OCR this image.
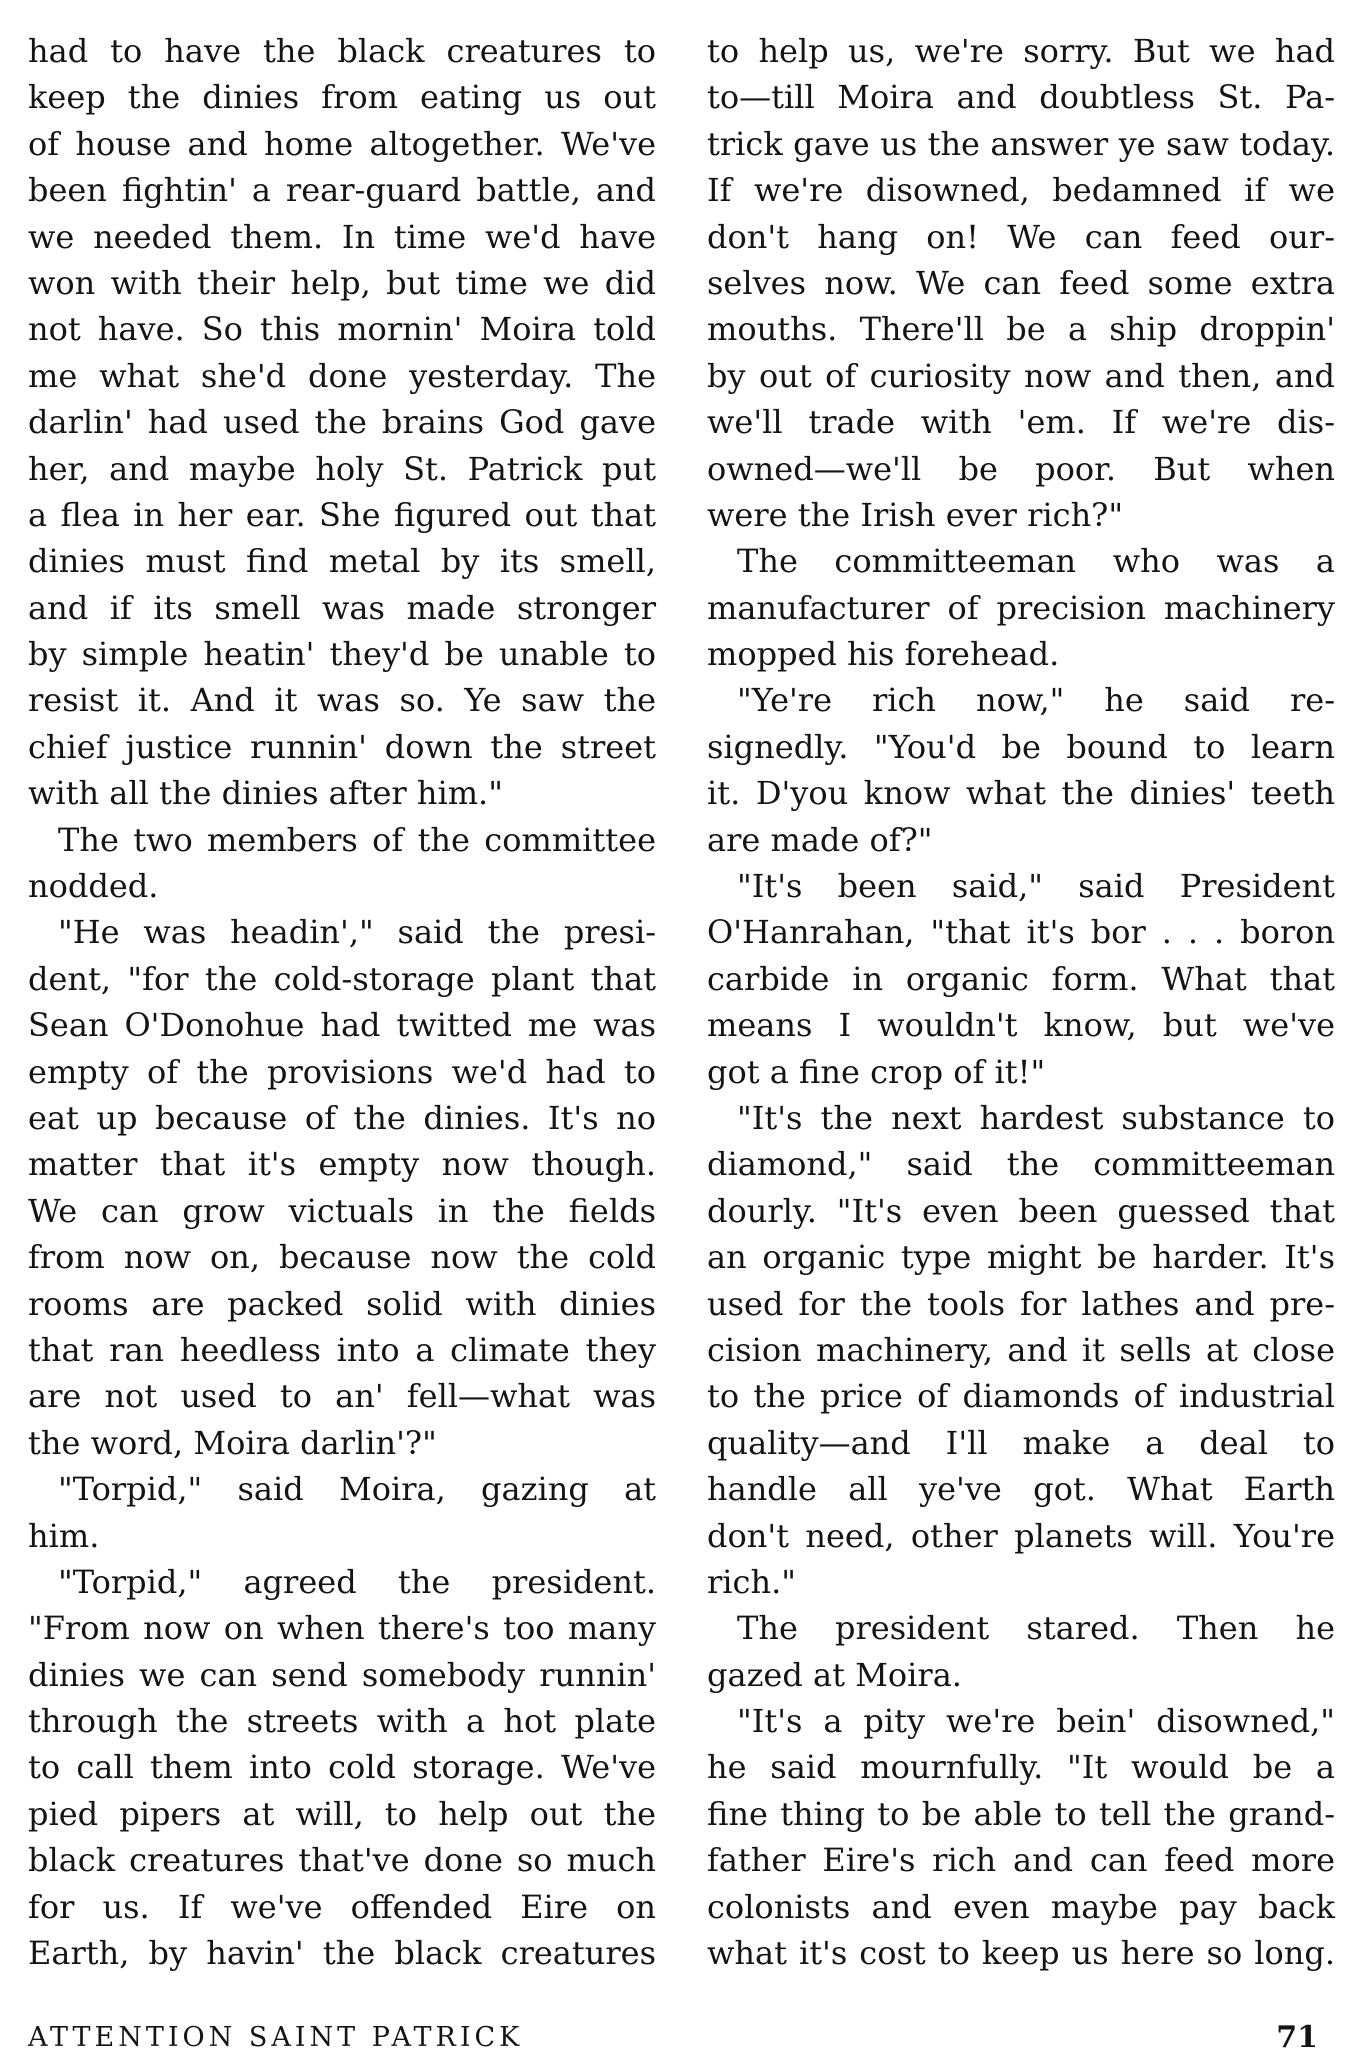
had to have the black creatures to
keep the dinies from eating us out
of house and home altogether. We've
been fightin' a rear-guard battle, and
we needed them. In time we'd have
won with their help, but time we did
not have. So this mornin' Moira told
me what she'd done yesterday. The
darlin' had used the brains God gave
her, and maybe holy St. Patrick put
a flea in her ear. She figured out that
dinies must find metal by its smell,
and if its smell was made stronger
by simple heatin' they'd be unable to
resist it. And it was so. Ye saw the
chief justice runnin' down the street
with all the dinies after him."
The two members of the committee
nodded.
"He was headin'," said the presi-
dent, "for the cold-storage plant that
Sean O'Donohue had twitted me was
empty of the provisions we'd had to
eat up because of the dinies. It's no
matter that it's empty now though.
We can grow victuals in the fields
from now on, because now the cold
rooms are packed solid with dinies
that ran heedless into a climate they
are not used to an' fell—what was
the word, Moira darlin'?"
"Torpid," said Moira, gazing at
him.
"Torpid," agreed the president.
"From now on when there's too many
dinies we can send somebody runnin'
through the streets with a hot plate
to call them into cold storage. We've
pied pipers at will, to help out the
black creatures that've done so much
for us. If we've offended Eire on
Earth, by havin' the black creatures
to help us, we're sorry. But we had
to—till Moira and doubtless St. Pa-
trick gave us the answer ye saw today.
If we're disowned, bedamned if we
don't hang on! We can feed our-
selves now. We can feed some extra
mouths. There'll be a ship droppin'
by out of curiosity now and then, and
we'll trade with 'em. If we're dis-
owned—we'll be poor. But when
were the Irish ever rich?"
The committeeman who was a
manufacturer of precision machinery
mopped his forehead.
"Ye're rich now," he said re-
signedly. "You'd be bound to learn
it. D'you know what the dinies' teeth
are made of?"
"It's been said," said President
O'Hanrahan, "that it's bor . . . boron
carbide in organic form. What that
means I wouldn't know, but we've
got a fine crop of it!"
"It's the next hardest substance to
diamond," said the committeeman
dourly. "It's even been guessed that
an organic type might be harder. It's
used for the tools for lathes and pre-
cision machinery, and it sells at close
to the price of diamonds of industrial
quality—and I'll make a deal to
handle all ye've got. What Earth
don't need, other planets will. You're
rich."
The president stared. Then he
gazed at Moira.
"It's a pity we're bein' disowned,"
he said mournfully. "It would be a
fine thing to be able to tell the grand-
father Eire's rich and can feed more
colonists and even maybe pay back
what it's cost to keep us here so long.
ATTENTION SAINT PATRICK	71
